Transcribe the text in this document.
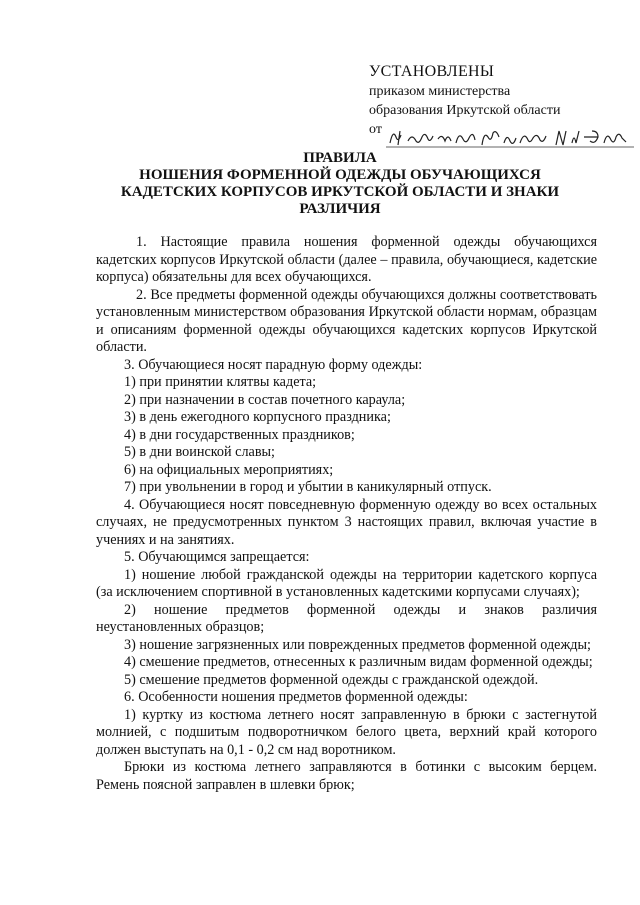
УСТАНОВЛЕНЫ
приказом министерства
образования Иркутской области
от
ПРАВИЛА
НОШЕНИЯ ФОРМЕННОЙ ОДЕЖДЫ ОБУЧАЮЩИХСЯ
КАДЕТСКИХ КОРПУСОВ ИРКУТСКОЙ ОБЛАСТИ И ЗНАКИ
РАЗЛИЧИЯ

1. Настоящие правила ношения форменной одежды обучающихся кадетских корпусов Иркутской области (далее – правила, обучающиеся, кадетские корпуса) обязательны для всех обучающихся.

2. Все предметы форменной одежды обучающихся должны соответствовать установленным министерством образования Иркутской области нормам, образцам и описаниям форменной одежды обучающихся кадетских корпусов Иркутской области.

3. Обучающиеся носят парадную форму одежды:

1) при принятии клятвы кадета;

2) при назначении в состав почетного караула;

3) в день ежегодного корпусного праздника;

4) в дни государственных праздников;

5) в дни воинской славы;

6) на официальных мероприятиях;

7) при увольнении в город и убытии в каникулярный отпуск.

4. Обучающиеся носят повседневную форменную одежду во всех остальных случаях, не предусмотренных пунктом 3 настоящих правил, включая участие в учениях и на занятиях.

5. Обучающимся запрещается:

1) ношение любой гражданской одежды на территории кадетского корпуса (за исключением спортивной в установленных кадетскими корпусами случаях);

2) ношение предметов форменной одежды и знаков различия неустановленных образцов;

3) ношение загрязненных или поврежденных предметов форменной одежды;

4) смешение предметов, отнесенных к различным видам форменной одежды;

5) смешение предметов форменной одежды с гражданской одеждой.

6. Особенности ношения предметов форменной одежды:

1) куртку из костюма летнего носят заправленную в брюки с застегнутой молнией, с подшитым подворотничком белого цвета, верхний край которого должен выступать на 0,1 - 0,2 см над воротником.

Брюки из костюма летнего заправляются в ботинки с высоким берцем. Ремень поясной заправлен в шлевки брюк;
